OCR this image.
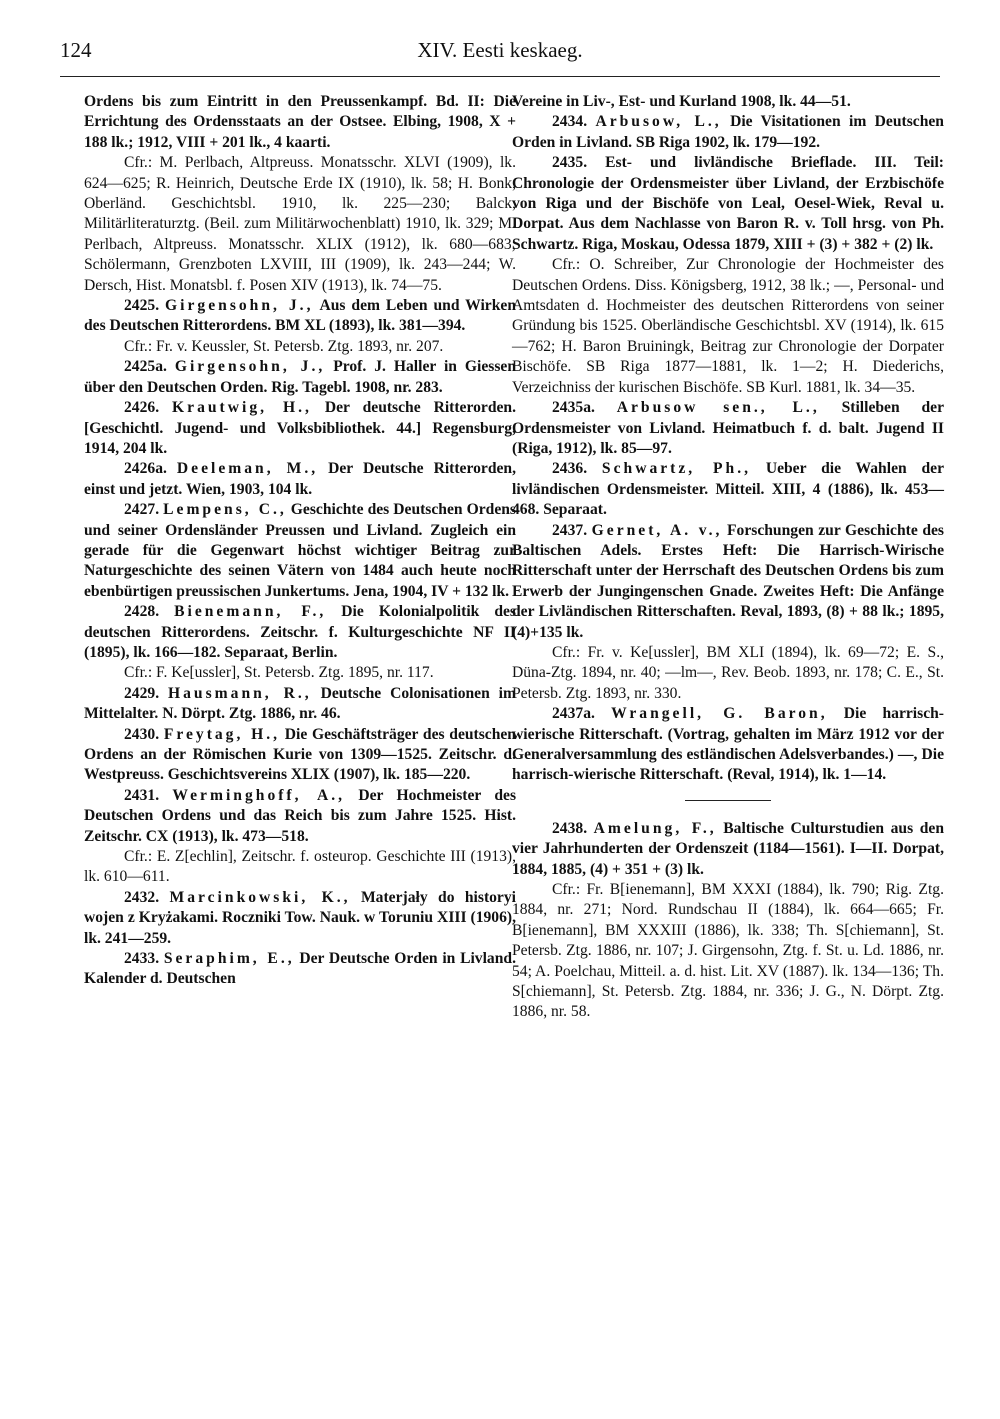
124	XIV. Eesti keskaeg.

Ordens bis zum Eintritt in den Preussenkampf. Bd. II: Die Errichtung des Ordensstaats an der Ostsee. Elbing, 1908, X + 188 lk.; 1912, VIII + 201 lk., 4 kaarti.

Cfr.: M. Perlbach, Altpreuss. Monatsschr. XLVI (1909), lk. 624—625; R. Heinrich, Deutsche Erde IX (1910), lk. 58; H. Bonk, Oberländ. Geschichtsbl. 1910, lk. 225—230; Balck, Militärliteraturztg. (Beil. zum Militärwochenblatt) 1910, lk. 329; M. Perlbach, Altpreuss. Monatsschr. XLIX (1912), lk. 680—683; Schölermann, Grenzboten LXVIII, III (1909), lk. 243—244; W. Dersch, Hist. Monatsbl. f. Posen XIV (1913), lk. 74—75.

2425. Girgensohn, J., Aus dem Leben und Wirken des Deutschen Ritterordens. BM XL (1893), lk. 381—394.

Cfr.: Fr. v. Keussler, St. Petersb. Ztg. 1893, nr. 207.

2425a. Girgensohn, J., Prof. J. Haller in Giessen über den Deutschen Orden. Rig. Tagebl. 1908, nr. 283.

2426. Krautwig, H., Der deutsche Ritterorden. [Geschichtl. Jugend- und Volksbibliothek. 44.] Regensburg, 1914, 204 lk.

2426a. Deeleman, M., Der Deutsche Ritterorden, einst und jetzt. Wien, 1903, 104 lk.

2427. Lempens, C., Geschichte des Deutschen Ordens und seiner Ordensländer Preussen und Livland. Zugleich ein gerade für die Gegenwart höchst wichtiger Beitrag zur Naturgeschichte des seinen Vätern von 1484 auch heute noch ebenbürtigen preussischen Junkertums. Jena, 1904, IV + 132 lk.

2428. Bienemann, F., Die Kolonialpolitik des deutschen Ritterordens. Zeitschr. f. Kulturgeschichte NF II (1895), lk. 166—182. Separaat, Berlin.

Cfr.: F. Ke[ussler], St. Petersb. Ztg. 1895, nr. 117.

2429. Hausmann, R., Deutsche Colonisationen im Mittelalter. N. Dörpt. Ztg. 1886, nr. 46.

2430. Freytag, H., Die Geschäftsträger des deutschen Ordens an der Römischen Kurie von 1309—1525. Zeitschr. d. Westpreuss. Geschichtsvereins XLIX (1907), lk. 185—220.

2431. Werminghoff, A., Der Hochmeister des Deutschen Ordens und das Reich bis zum Jahre 1525. Hist. Zeitschr. CX (1913), lk. 473—518.

Cfr.: E. Z[echlin], Zeitschr. f. osteurop. Geschichte III (1913), lk. 610—611.

2432. Marcinkowski, K., Materjały do historyi wojen z Kryżakami. Roczniki Tow. Nauk. w Toruniu XIII (1906), lk. 241—259.

2433. Seraphim, E., Der Deutsche Orden in Livland. Kalender d. Deutschen

Vereine in Liv-, Est- und Kurland 1908, lk. 44—51.

2434. Arbusow, L., Die Visitationen im Deutschen Orden in Livland. SB Riga 1902, lk. 179—192.

2435. Est- und livländische Brieflade. III. Teil: Chronologie der Ordensmeister über Livland, der Erzbischöfe von Riga und der Bischöfe von Leal, Oesel-Wiek, Reval u. Dorpat. Aus dem Nachlasse von Baron R. v. Toll hrsg. von Ph. Schwartz. Riga, Moskau, Odessa 1879, XIII + (3) + 382 + (2) lk.

Cfr.: O. Schreiber, Zur Chronologie der Hochmeister des Deutschen Ordens. Diss. Königsberg, 1912, 38 lk.; —, Personal- und Amtsdaten d. Hochmeister des deutschen Ritterordens von seiner Gründung bis 1525. Oberländische Geschichtsbl. XV (1914), lk. 615—762; H. Baron Bruiningk, Beitrag zur Chronologie der Dorpater Bischöfe. SB Riga 1877—1881, lk. 1—2; H. Diederichs, Verzeichniss der kurischen Bischöfe. SB Kurl. 1881, lk. 34—35.

2435a. Arbusow sen., L., Stilleben der Ordensmeister von Livland. Heimatbuch f. d. balt. Jugend II (Riga, 1912), lk. 85—97.

2436. Schwartz, Ph., Ueber die Wahlen der livländischen Ordensmeister. Mitteil. XIII, 4 (1886), lk. 453—468. Separaat.

2437. Gernet, A. v., Forschungen zur Geschichte des Baltischen Adels. Erstes Heft: Die Harrisch-Wirische Ritterschaft unter der Herrschaft des Deutschen Ordens bis zum Erwerb der Jungingenschen Gnade. Zweites Heft: Die Anfänge der Livländischen Ritterschaften. Reval, 1893, (8) + 88 lk.; 1895, (4)+135 lk.

Cfr.: Fr. v. Ke[ussler], BM XLI (1894), lk. 69—72; E. S., Düna-Ztg. 1894, nr. 40; —lm—, Rev. Beob. 1893, nr. 178; C. E., St. Petersb. Ztg. 1893, nr. 330.

2437a. Wrangell, G. Baron, Die harrisch-wierische Ritterschaft. (Vortrag, gehalten im März 1912 vor der Generalversammlung des estländischen Adelsverbandes.) —, Die harrisch-wierische Ritterschaft. (Reval, 1914), lk. 1—14.

2438. Amelung, F., Baltische Culturstudien aus den vier Jahrhunderten der Ordenszeit (1184—1561). I—II. Dorpat, 1884, 1885, (4) + 351 + (3) lk.

Cfr.: Fr. B[ienemann], BM XXXI (1884), lk. 790; Rig. Ztg. 1884, nr. 271; Nord. Rundschau II (1884), lk. 664—665; Fr. B[ienemann], BM XXXIII (1886), lk. 338; Th. S[chiemann], St. Petersb. Ztg. 1886, nr. 107; J. Girgensohn, Ztg. f. St. u. Ld. 1886, nr. 54; A. Poelchau, Mitteil. a. d. hist. Lit. XV (1887). lk. 134—136; Th. S[chiemann], St. Petersb. Ztg. 1884, nr. 336; J. G., N. Dörpt. Ztg. 1886, nr. 58.
